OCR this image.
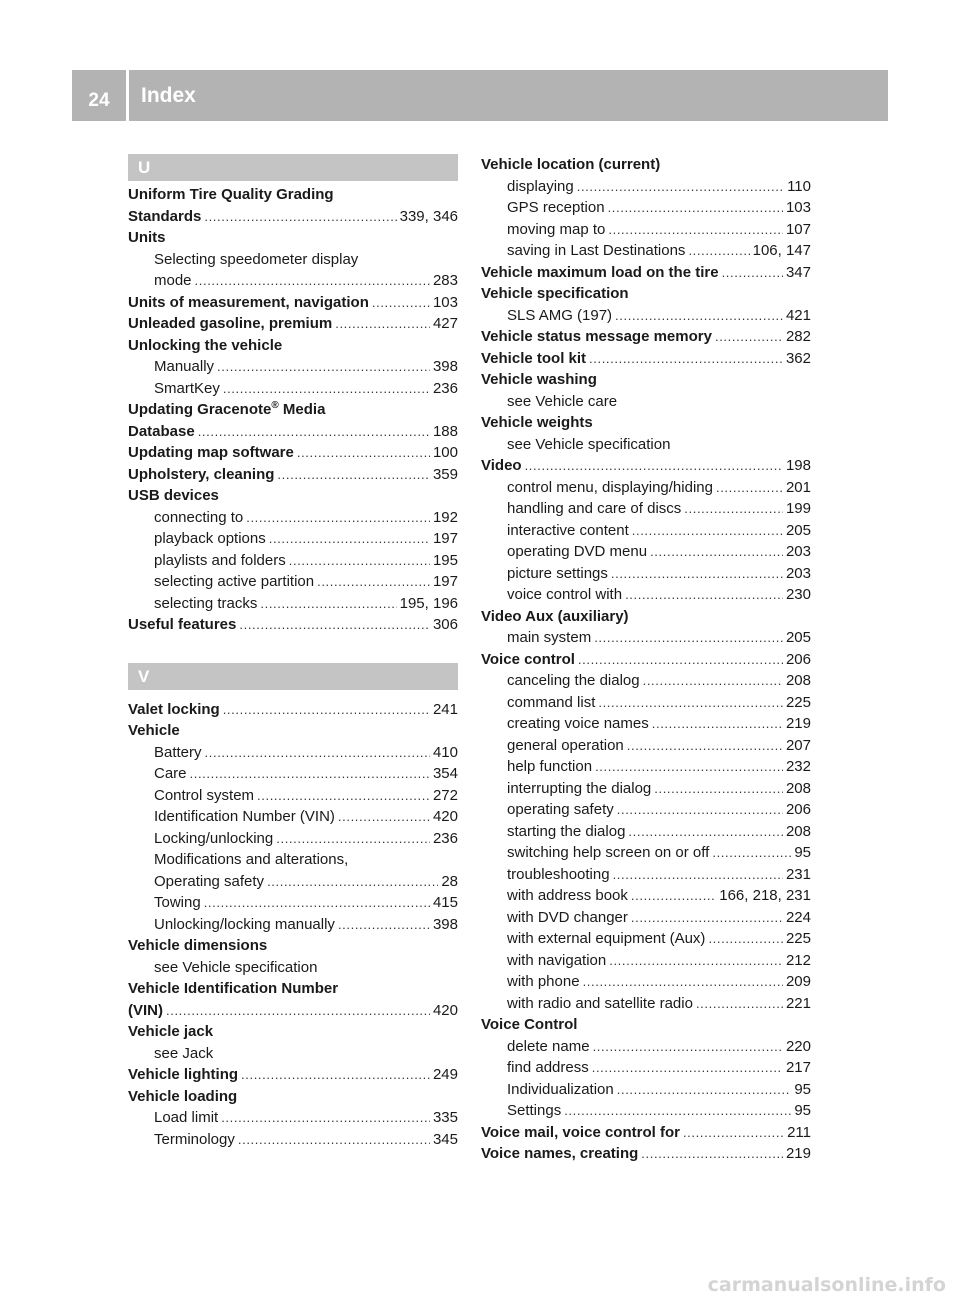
24	Index
U
Uniform Tire Quality Grading
Standards . . .	339, 346
Units
Selecting speedometer display
mode . . .	283
Units of measurement, navigation . . .	103
Unleaded gasoline, premium . . .	427
Unlocking the vehicle
Manually . . .	398
SmartKey . . .	236
Updating Gracenote® Media
Database . . .	188
Updating map software . . .	100
Upholstery, cleaning . . .	359
USB devices
connecting to . . .	192
playback options . . .	197
playlists and folders . . .	195
selecting active partition . . .	197
selecting tracks . . .	195, 196
Useful features . . .	306
V
Valet locking . . .	241
Vehicle
Battery . . .	410
Care . . .	354
Control system . . .	272
Identification Number (VIN) . . .	420
Locking/unlocking . . .	236
Modifications and alterations,
Operating safety . . .	28
Towing . . .	415
Unlocking/locking manually . . .	398
Vehicle dimensions
see Vehicle specification
Vehicle Identification Number
(VIN) . . .	420
Vehicle jack
see Jack
Vehicle lighting . . .	249
Vehicle loading
Load limit . . .	335
Terminology . . .	345
Vehicle location (current)
displaying . . .	110
GPS reception . . .	103
moving map to . . .	107
saving in Last Destinations . . .	106, 147
Vehicle maximum load on the tire . . .	347
Vehicle specification
SLS AMG (197) . . .	421
Vehicle status message memory . . .	282
Vehicle tool kit . . .	362
Vehicle washing
see Vehicle care
Vehicle weights
see Vehicle specification
Video . . .	198
control menu, displaying/hiding . . .	201
handling and care of discs . . .	199
interactive content . . .	205
operating DVD menu . . .	203
picture settings . . .	203
voice control with . . .	230
Video Aux (auxiliary)
main system . . .	205
Voice control . . .	206
canceling the dialog . . .	208
command list . . .	225
creating voice names . . .	219
general operation . . .	207
help function . . .	232
interrupting the dialog . . .	208
operating safety . . .	206
starting the dialog . . .	208
switching help screen on or off . . .	95
troubleshooting . . .	231
with address book . . .	166, 218, 231
with DVD changer . . .	224
with external equipment (Aux) . . .	225
with navigation . . .	212
with phone . . .	209
with radio and satellite radio . . .	221
Voice Control
delete name . . .	220
find address . . .	217
Individualization . . .	95
Settings . . .	95
Voice mail, voice control for . . .	211
Voice names, creating . . .	219
carmanualsonline.info
